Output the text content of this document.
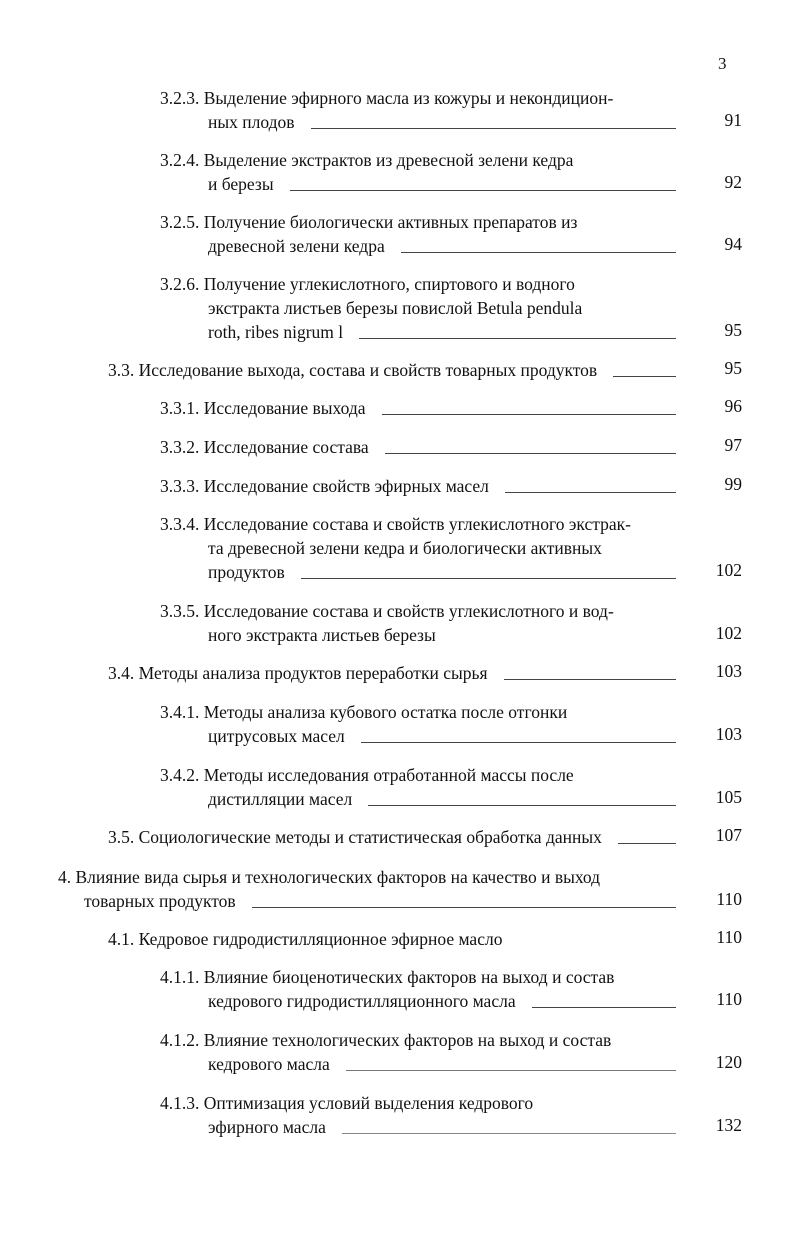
3
3.2.3. Выделение эфирного масла из кожуры и некондицион-
ных плодов	91
3.2.4. Выделение экстрактов из древесной зелени кедра
и березы	92
3.2.5. Получение биологически активных препаратов из
древесной зелени кедра	94
3.2.6. Получение углекислотного, спиртового и водного
экстракта листьев березы повислой Betula pendula
roth, ribes nigrum l	95
3.3. Исследование выхода, состава и свойств товарных продуктов	95
3.3.1. Исследование выхода	96
3.3.2. Исследование состава	97
3.3.3. Исследование свойств эфирных масел	99
3.3.4. Исследование состава и свойств углекислотного экстрак-
та древесной зелени кедра и биологически активных
продуктов	102
3.3.5. Исследование состава и свойств углекислотного и вод-
ного экстракта листьев березы	102
3.4. Методы анализа продуктов переработки сырья	103
3.4.1. Методы анализа кубового остатка после отгонки
цитрусовых масел	103
3.4.2. Методы исследования отработанной массы после
дистилляции масел	105
3.5. Социологические методы и статистическая обработка данных	107
4. Влияние вида сырья и технологических факторов на качество и выход
товарных продуктов	110
4.1. Кедровое гидродистилляционное эфирное масло	110
4.1.1. Влияние биоценотических факторов на выход и состав
кедрового гидродистилляционного масла	110
4.1.2. Влияние технологических факторов на выход и состав
кедрового масла	120
4.1.3. Оптимизация условий выделения кедрового
эфирного масла	132
